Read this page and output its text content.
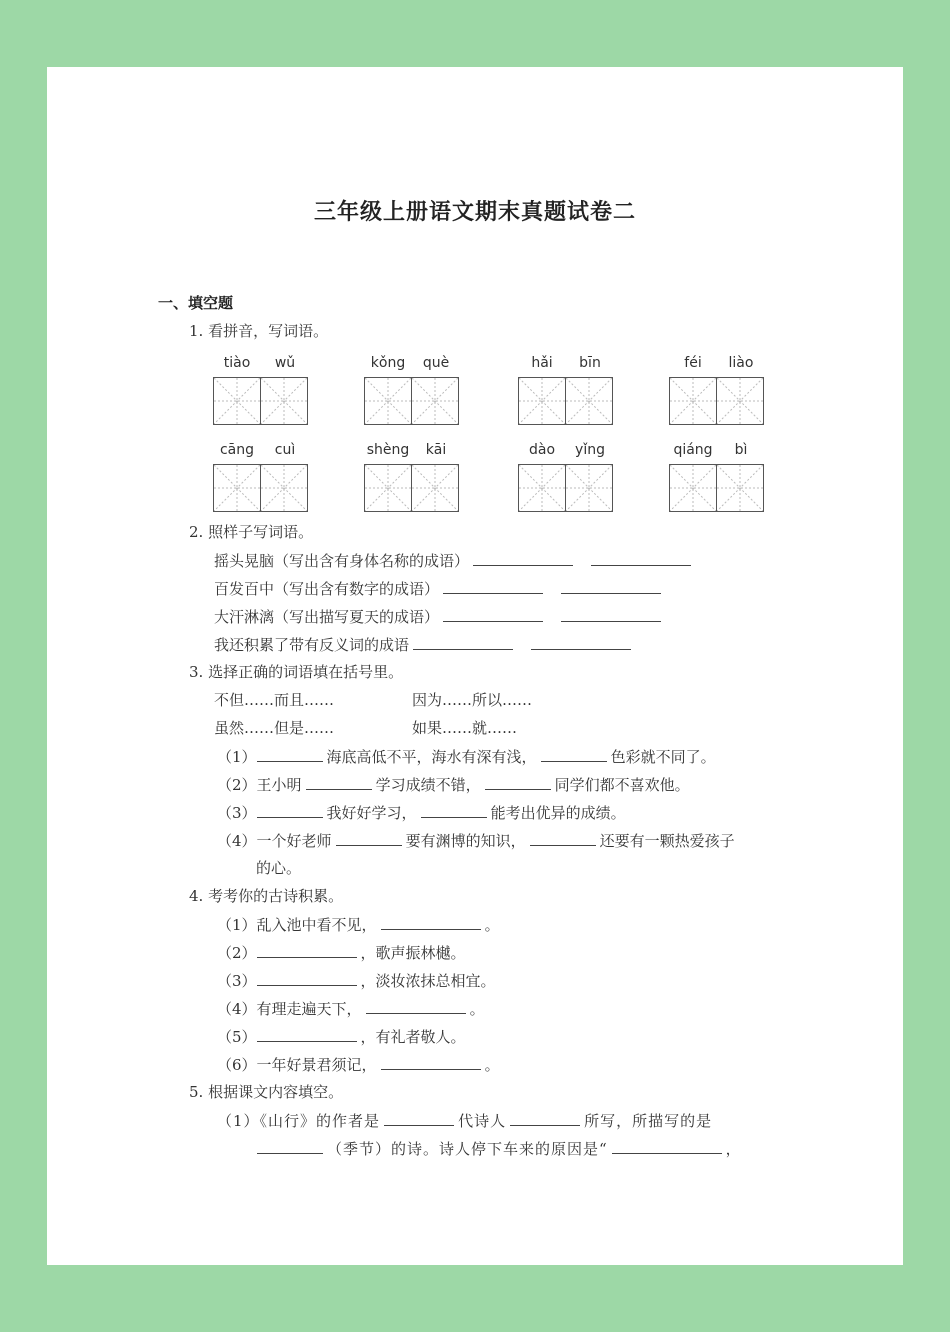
三年级上册语文期末真题试卷二
一、填空题
1. 看拼音，写词语。
tiào	wǔ	kǒng	què	hǎi	bīn	féi	liào
cāng	cuì	shèng	kāi	dào	yǐng	qiáng	bì
2. 照样子写词语。
摇头晃脑（写出含有身体名称的成语）
百发百中（写出含有数字的成语）
大汗淋漓（写出描写夏天的成语）
我还积累了带有反义词的成语
3. 选择正确的词语填在括号里。
不但……而且……	因为……所以……
虽然……但是……	如果……就……
（1）	海底高低不平，海水有深有浅，	色彩就不同了。
（2）王小明	学习成绩不错，	同学们都不喜欢他。
（3）	我好好学习，	能考出优异的成绩。
（4）一个好老师	要有渊博的知识，	还要有一颗热爱孩子
的心。
4. 考考你的古诗积累。
（1）乱入池中看不见，	。
（2）	，歌声振林樾。
（3）	，淡妆浓抹总相宜。
（4）有理走遍天下，	。
（5）	，有礼者敬人。
（6）一年好景君须记，	。
5. 根据课文内容填空。
（1）《山行》的作者是	代诗人	所写，所描写的是
（季节）的诗。诗人停下车来的原因是“	，
